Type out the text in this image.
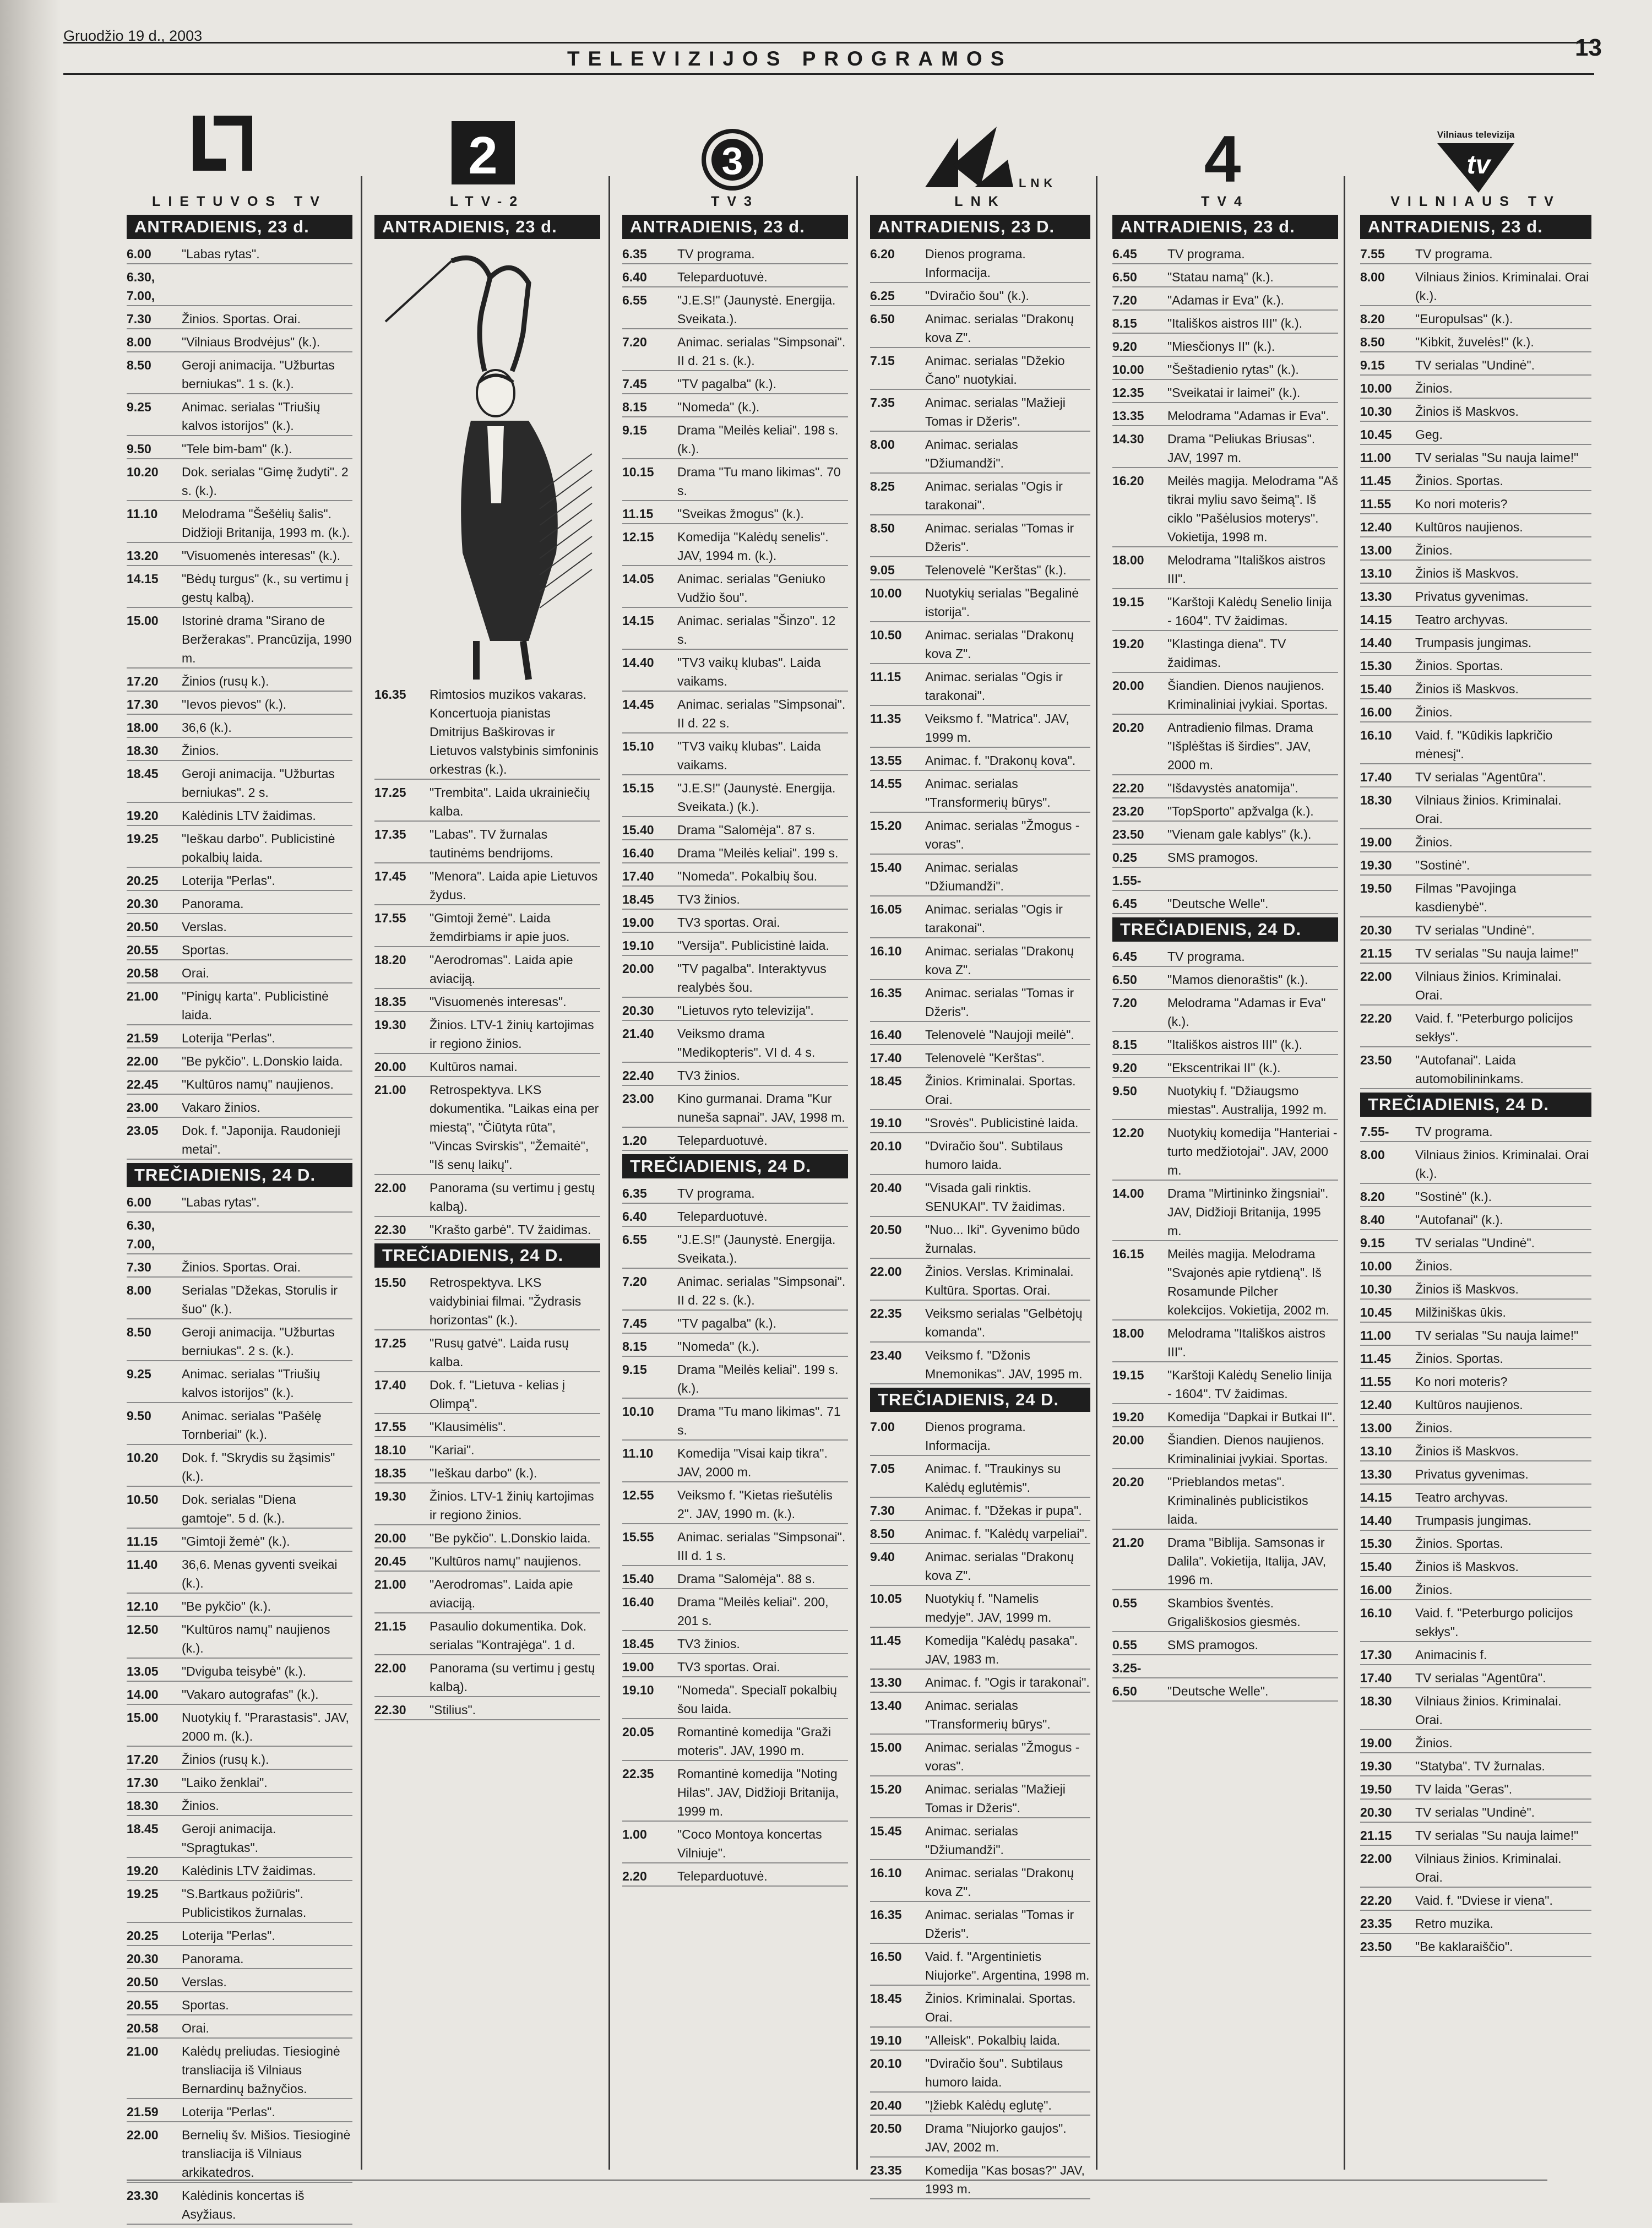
Gruodžio 19 d., 2003
TELEVIZIJOS PROGRAMOS	13
LIETUVOS TV
ANTRADIENIS, 23 d.
6.00	"Labas rytas".
6.30, 7.00,
7.30	Žinios. Sportas. Orai.
8.00	"Vilniaus Brodvėjus" (k.).
8.50	Geroji animacija. "Užburtas berniukas". 1 s. (k.).
9.25	Animac. serialas "Triušių kalvos istorijos" (k.).
9.50	"Tele bim-bam" (k.).
10.20	Dok. serialas "Gimę žudyti". 2 s. (k.).
11.10	Melodrama "Šešėlių šalis". Didžioji Britanija, 1993 m. (k.).
13.20	"Visuomenės interesas" (k.).
14.15	"Bėdų turgus" (k., su vertimu į gestų kalbą).
15.00	Istorinė drama "Sirano de Beržerakas". Prancūzija, 1990 m.
17.20	Žinios (rusų k.).
17.30	"Ievos pievos" (k.).
18.00	36,6 (k.).
18.30	Žinios.
18.45	Geroji animacija. "Užburtas berniukas". 2 s.
19.20	Kalėdinis LTV žaidimas.
19.25	"Ieškau darbo". Publicistinė pokalbių laida.
20.25	Loterija "Perlas".
20.30	Panorama.
20.50	Verslas.
20.55	Sportas.
20.58	Orai.
21.00	"Pinigų karta". Publicistinė laida.
21.59	Loterija "Perlas".
22.00	"Be pykčio". L.Donskio laida.
22.45	"Kultūros namų" naujienos.
23.00	Vakaro žinios.
23.05	Dok. f. "Japonija. Raudonieji metai".
TREČIADIENIS, 24 D.
6.00	"Labas rytas".
6.30, 7.00,
7.30	Žinios. Sportas. Orai.
8.00	Serialas "Džekas, Storulis ir šuo" (k.).
8.50	Geroji animacija. "Užburtas berniukas". 2 s. (k.).
9.25	Animac. serialas "Triušių kalvos istorijos" (k.).
9.50	Animac. serialas "Pašėlę Tornberiai" (k.).
10.20	Dok. f. "Skrydis su žąsimis" (k.).
10.50	Dok. serialas "Diena gamtoje". 5 d. (k.).
11.15	"Gimtoji žemė" (k.).
11.40	36,6. Menas gyventi sveikai (k.).
12.10	"Be pykčio" (k.).
12.50	"Kultūros namų" naujienos (k.).
13.05	"Dviguba teisybė" (k.).
14.00	"Vakaro autografas" (k.).
15.00	Nuotykių f. "Prarastasis". JAV, 2000 m. (k.).
17.20	Žinios (rusų k.).
17.30	"Laiko ženklai".
18.30	Žinios.
18.45	Geroji animacija. "Spragtukas".
19.20	Kalėdinis LTV žaidimas.
19.25	"S.Bartkaus požiūris". Publicistikos žurnalas.
20.25	Loterija "Perlas".
20.30	Panorama.
20.50	Verslas.
20.55	Sportas.
20.58	Orai.
21.00	Kalėdų preliudas. Tiesioginė transliacija iš Vilniaus Bernardinų bažnyčios.
21.59	Loterija "Perlas".
22.00	Bernelių šv. Mišios. Tiesioginė transliacija iš Vilniaus arkikatedros.
23.30	Kalėdinis koncertas iš Asyžiaus.
2
LTV-2
ANTRADIENIS, 23 d.
16.35	Rimtosios muzikos vakaras. Koncertuoja pianistas Dmitrijus Baškirovas ir Lietuvos valstybinis simfoninis orkestras (k.).
17.25	"Trembita". Laida ukrainiečių kalba.
17.35	"Labas". TV žurnalas tautinėms bendrijoms.
17.45	"Menora". Laida apie Lietuvos žydus.
17.55	"Gimtoji žemė". Laida žemdirbiams ir apie juos.
18.20	"Aerodromas". Laida apie aviaciją.
18.35	"Visuomenės interesas".
19.30	Žinios. LTV-1 žinių kartojimas ir regiono žinios.
20.00	Kultūros namai.
21.00	Retrospektyva. LKS dokumentika. "Laikas eina per miestą", "Čiūtyta rūta", "Vincas Svirskis", "Žemaitė", "Iš senų laikų".
22.00	Panorama (su vertimu į gestų kalbą).
22.30	"Krašto garbė". TV žaidimas.
TREČIADIENIS, 24 D.
15.50	Retrospektyva. LKS vaidybiniai filmai. "Žydrasis horizontas" (k.).
17.25	"Rusų gatvė". Laida rusų kalba.
17.40	Dok. f. "Lietuva - kelias į Olimpą".
17.55	"Klausimėlis".
18.10	"Kariai".
18.35	"Ieškau darbo" (k.).
19.30	Žinios. LTV-1 žinių kartojimas ir regiono žinios.
20.00	"Be pykčio". L.Donskio laida.
20.45	"Kultūros namų" naujienos.
21.00	"Aerodromas". Laida apie aviaciją.
21.15	Pasaulio dokumentika. Dok. serialas "Kontrajėga". 1 d.
22.00	Panorama (su vertimu į gestų kalbą).
22.30	"Stilius".
3
TV3
ANTRADIENIS, 23 d.
6.35	TV programa.
6.40	Teleparduotuvė.
6.55	"J.E.S!" (Jaunystė. Energija. Sveikata.).
7.20	Animac. serialas "Simpsonai". II d. 21 s. (k.).
7.45	"TV pagalba" (k.).
8.15	"Nomeda" (k.).
9.15	Drama "Meilės keliai". 198 s. (k.).
10.15	Drama "Tu mano likimas". 70 s.
11.15	"Sveikas žmogus" (k.).
12.15	Komedija "Kalėdų senelis". JAV, 1994 m. (k.).
14.05	Animac. serialas "Geniuko Vudžio šou".
14.15	Animac. serialas "Šinzo". 12 s.
14.40	"TV3 vaikų klubas". Laida vaikams.
14.45	Animac. serialas "Simpsonai". II d. 22 s.
15.10	"TV3 vaikų klubas". Laida vaikams.
15.15	"J.E.S!" (Jaunystė. Energija. Sveikata.) (k.).
15.40	Drama "Salomėja". 87 s.
16.40	Drama "Meilės keliai". 199 s.
17.40	"Nomeda". Pokalbių šou.
18.45	TV3 žinios.
19.00	TV3 sportas. Orai.
19.10	"Versija". Publicistinė laida.
20.00	"TV pagalba". Interaktyvus realybės šou.
20.30	"Lietuvos ryto televizija".
21.40	Veiksmo drama "Medikopteris". VI d. 4 s.
22.40	TV3 žinios.
23.00	Kino gurmanai. Drama "Kur nuneša sapnai". JAV, 1998 m.
1.20	Teleparduotuvė.
TREČIADIENIS, 24 D.
6.35	TV programa.
6.40	Teleparduotuvė.
6.55	"J.E.S!" (Jaunystė. Energija. Sveikata.).
7.20	Animac. serialas "Simpsonai". II d. 22 s. (k.).
7.45	"TV pagalba" (k.).
8.15	"Nomeda" (k.).
9.15	Drama "Meilės keliai". 199 s. (k.).
10.10	Drama "Tu mano likimas". 71 s.
11.10	Komedija "Visai kaip tikra". JAV, 2000 m.
12.55	Veiksmo f. "Kietas riešutėlis 2". JAV, 1990 m. (k.).
15.55	Animac. serialas "Simpsonai". III d. 1 s.
15.40	Drama "Salomėja". 88 s.
16.40	Drama "Meilės keliai". 200, 201 s.
18.45	TV3 žinios.
19.00	TV3 sportas. Orai.
19.10	"Nomeda". Specialī pokalbių šou laida.
20.05	Romantinė komedija "Graži moteris". JAV, 1990 m.
22.35	Romantinė komedija "Noting Hilas". JAV, Didžioji Britanija, 1999 m.
1.00	"Coco Montoya koncertas Vilniuje".
2.20	Teleparduotuvė.
LNK
LNK
ANTRADIENIS, 23 D.
6.20	Dienos programa. Informacija.
6.25	"Dviračio šou" (k.).
6.50	Animac. serialas "Drakonų kova Z".
7.15	Animac. serialas "Džekio Čano" nuotykiai.
7.35	Animac. serialas "Mažieji Tomas ir Džeris".
8.00	Animac. serialas "Džiumandži".
8.25	Animac. serialas "Ogis ir tarakonai".
8.50	Animac. serialas "Tomas ir Džeris".
9.05	Telenovelė "Kerštas" (k.).
10.00	Nuotykių serialas "Begalinė istorija".
10.50	Animac. serialas "Drakonų kova Z".
11.15	Animac. serialas "Ogis ir tarakonai".
11.35	Veiksmo f. "Matrica". JAV, 1999 m.
13.55	Animac. f. "Drakonų kova".
14.55	Animac. serialas "Transformerių būrys".
15.20	Animac. serialas "Žmogus - voras".
15.40	Animac. serialas "Džiumandži".
16.05	Animac. serialas "Ogis ir tarakonai".
16.10	Animac. serialas "Drakonų kova Z".
16.35	Animac. serialas "Tomas ir Džeris".
16.40	Telenovelė "Naujoji meilė".
17.40	Telenovelė "Kerštas".
18.45	Žinios. Kriminalai. Sportas. Orai.
19.10	"Srovės". Publicistinė laida.
20.10	"Dviračio šou". Subtilaus humoro laida.
20.40	"Visada gali rinktis. SENUKAI". TV žaidimas.
20.50	"Nuo... Iki". Gyvenimo būdo žurnalas.
22.00	Žinios. Verslas. Kriminalai. Kultūra. Sportas. Orai.
22.35	Veiksmo serialas "Gelbėtojų komanda".
23.40	Veiksmo f. "Džonis Mnemonikas". JAV, 1995 m.
TREČIADIENIS, 24 D.
7.00	Dienos programa. Informacija.
7.05	Animac. f. "Traukinys su Kalėdų eglutėmis".
7.30	Animac. f. "Džekas ir pupa".
8.50	Animac. f. "Kalėdų varpeliai".
9.40	Animac. serialas "Drakonų kova Z".
10.05	Nuotykių f. "Namelis medyje". JAV, 1999 m.
11.45	Komedija "Kalėdų pasaka". JAV, 1983 m.
13.30	Animac. f. "Ogis ir tarakonai".
13.40	Animac. serialas "Transformerių būrys".
15.00	Animac. serialas "Žmogus - voras".
15.20	Animac. serialas "Mažieji Tomas ir Džeris".
15.45	Animac. serialas "Džiumandži".
16.10	Animac. serialas "Drakonų kova Z".
16.35	Animac. serialas "Tomas ir Džeris".
16.50	Vaid. f. "Argentinietis Niujorke". Argentina, 1998 m.
18.45	Žinios. Kriminalai. Sportas. Orai.
19.10	"Alleisk". Pokalbių laida.
20.10	"Dviračio šou". Subtilaus humoro laida.
20.40	"Įžiebk Kalėdų eglutę".
20.50	Drama "Niujorko gaujos". JAV, 2002 m.
23.35	Komedija "Kas bosas?" JAV, 1993 m.
4
TV4
ANTRADIENIS, 23 d.
6.45	TV programa.
6.50	"Statau namą" (k.).
7.20	"Adamas ir Eva" (k.).
8.15	"Itališkos aistros III" (k.).
9.20	"Miesčionys II" (k.).
10.00	"Šeštadienio rytas" (k.).
12.35	"Sveikatai ir laimei" (k.).
13.35	Melodrama "Adamas ir Eva".
14.30	Drama "Peliukas Briusas". JAV, 1997 m.
16.20	Meilės magija. Melodrama "Aš tikrai myliu savo šeimą". Iš ciklo "Pašėlusios moterys". Vokietija, 1998 m.
18.00	Melodrama "Itališkos aistros III".
19.15	"Karštoji Kalėdų Senelio linija - 1604". TV žaidimas.
19.20	"Klastinga diena". TV žaidimas.
20.00	Šiandien. Dienos naujienos. Kriminaliniai įvykiai. Sportas.
20.20	Antradienio filmas. Drama "Išplėštas iš širdies". JAV, 2000 m.
22.20	"Išdavystės anatomija".
23.20	"TopSporto" apžvalga (k.).
23.50	"Vienam gale kablys" (k.).
0.25	SMS pramogos.
1.55-
6.45	"Deutsche Welle".
TREČIADIENIS, 24 D.
6.45	TV programa.
6.50	"Mamos dienoraštis" (k.).
7.20	Melodrama "Adamas ir Eva" (k.).
8.15	"Itališkos aistros III" (k.).
9.20	"Ekscentrikai II" (k.).
9.50	Nuotykių f. "Džiaugsmo miestas". Australija, 1992 m.
12.20	Nuotykių komedija "Hanteriai - turto medžiotojai". JAV, 2000 m.
14.00	Drama "Mirtininko žingsniai". JAV, Didžioji Britanija, 1995 m.
16.15	Meilės magija. Melodrama "Svajonės apie rytdieną". Iš Rosamunde Pilcher kolekcijos. Vokietija, 2002 m.
18.00	Melodrama "Itališkos aistros III".
19.15	"Karštoji Kalėdų Senelio linija - 1604". TV žaidimas.
19.20	Komedija "Dapkai ir Butkai II".
20.00	Šiandien. Dienos naujienos. Kriminaliniai įvykiai. Sportas.
20.20	"Prieblandos metas". Kriminalinės publicistikos laida.
21.20	Drama "Biblija. Samsonas ir Dalila". Vokietija, Italija, JAV, 1996 m.
0.55	Skambios šventės. Grigališkosios giesmės.
0.55	SMS pramogos.
3.25-
6.50	"Deutsche Welle".
Vilniaus televizija
tv
VILNIAUS TV
ANTRADIENIS, 23 d.
7.55	TV programa.
8.00	Vilniaus žinios. Kriminalai. Orai (k.).
8.20	"Europulsas" (k.).
8.50	"Kibkit, žuvelės!" (k.).
9.15	TV serialas "Undinė".
10.00	Žinios.
10.30	Žinios iš Maskvos.
10.45	Geg.
11.00	TV serialas "Su nauja laime!"
11.45	Žinios. Sportas.
11.55	Ko nori moteris?
12.40	Kultūros naujienos.
13.00	Žinios.
13.10	Žinios iš Maskvos.
13.30	Privatus gyvenimas.
14.15	Teatro archyvas.
14.40	Trumpasis jungimas.
15.30	Žinios. Sportas.
15.40	Žinios iš Maskvos.
16.00	Žinios.
16.10	Vaid. f. "Kūdikis lapkričio mėnesį".
17.40	TV serialas "Agentūra".
18.30	Vilniaus žinios. Kriminalai. Orai.
19.00	Žinios.
19.30	"Sostinė".
19.50	Filmas "Pavojinga kasdienybė".
20.30	TV serialas "Undinė".
21.15	TV serialas "Su nauja laime!"
22.00	Vilniaus žinios. Kriminalai. Orai.
22.20	Vaid. f. "Peterburgo policijos sekłys".
23.50	"Autofanai". Laida automobilininkams.
TREČIADIENIS, 24 D.
7.55-	TV programa.
8.00	Vilniaus žinios. Kriminalai. Orai (k.).
8.20	"Sostinė" (k.).
8.40	"Autofanai" (k.).
9.15	TV serialas "Undinė".
10.00	Žinios.
10.30	Žinios iš Maskvos.
10.45	Milžiniškas ūkis.
11.00	TV serialas "Su nauja laime!"
11.45	Žinios. Sportas.
11.55	Ko nori moteris?
12.40	Kultūros naujienos.
13.00	Žinios.
13.10	Žinios iš Maskvos.
13.30	Privatus gyvenimas.
14.15	Teatro archyvas.
14.40	Trumpasis jungimas.
15.30	Žinios. Sportas.
15.40	Žinios iš Maskvos.
16.00	Žinios.
16.10	Vaid. f. "Peterburgo policijos sekłys".
17.30	Animacinis f.
17.40	TV serialas "Agentūra".
18.30	Vilniaus žinios. Kriminalai. Orai.
19.00	Žinios.
19.30	"Statyba". TV žurnalas.
19.50	TV laida "Geras".
20.30	TV serialas "Undinė".
21.15	TV serialas "Su nauja laime!"
22.00	Vilniaus žinios. Kriminalai. Orai.
22.20	Vaid. f. "Dviese ir viena".
23.35	Retro muzika.
23.50	"Be kaklaraiščio".
